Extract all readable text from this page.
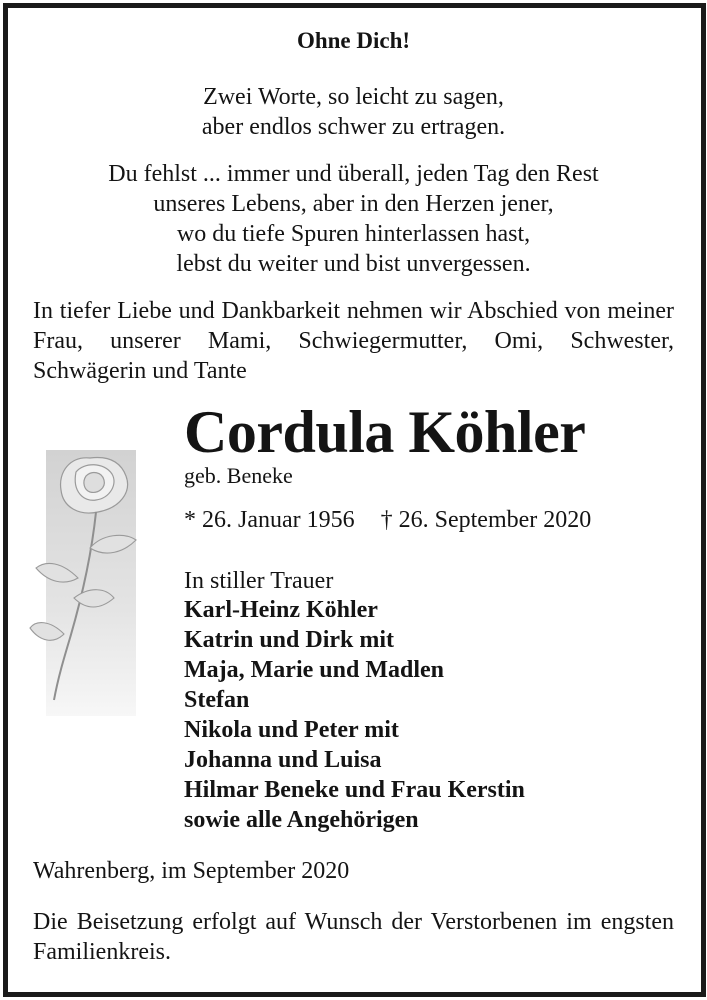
Ohne Dich!
Zwei Worte, so leicht zu sagen,
aber endlos schwer zu ertragen.
Du fehlst ... immer und überall, jeden Tag den Rest
unseres Lebens, aber in den Herzen jener,
wo du tiefe Spuren hinterlassen hast,
lebst du weiter und bist unvergessen.

In tiefer Liebe und Dankbarkeit nehmen wir Abschied von meiner Frau, unserer Mami, Schwiegermutter, Omi, Schwester, Schwägerin und Tante

Cordula Köhler
geb. Beneke
* 26. Januar 1956 † 26. September 2020
In stiller Trauer
Karl-Heinz Köhler
Katrin und Dirk mit
Maja, Marie und Madlen
Stefan
Nikola und Peter mit
Johanna und Luisa
Hilmar Beneke und Frau Kerstin
sowie alle Angehörigen
Wahrenberg, im September 2020

Die Beisetzung erfolgt auf Wunsch der Verstorbenen im engsten Familienkreis.
